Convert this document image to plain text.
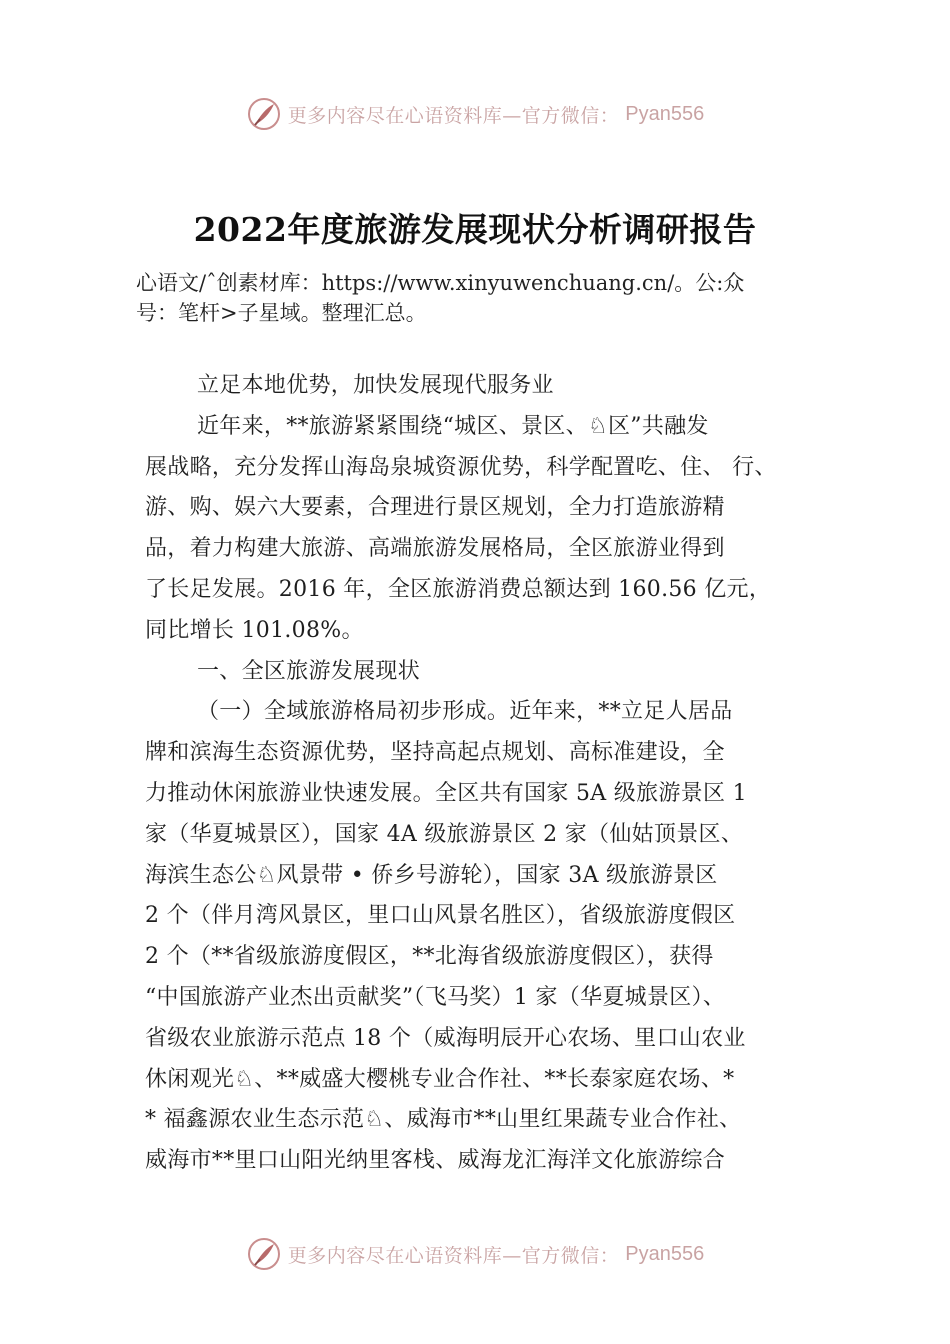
更多内容尽在心语资料库—官方微信： Pyan556
2022年度旅游发展现状分析调研报告
心语文/ˆ创素材库：https://www.xinyuwenchuang.cn/。公:众
号：笔杆>子星域。整理汇总。
立足本地优势，加快发展现代服务业
近年来，**旅游紧紧围绕“城区、景区、♘区”共融发
展战略，充分发挥山海岛泉城资源优势，科学配置吃、住、 行、
游、购、娱六大要素，合理进行景区规划，全力打造旅游精
品，着力构建大旅游、高端旅游发展格局，全区旅游业得到
了长足发展。2016 年，全区旅游消费总额达到 160.56 亿元，
同比增长 101.08%。
一、全区旅游发展现状
（一）全域旅游格局初步形成。近年来，**立足人居品
牌和滨海生态资源优势，坚持高起点规划、高标准建设，全
力推动休闲旅游业快速发展。全区共有国家 5A 级旅游景区 1
家（华夏城景区），国家 4A 级旅游景区 2 家（仙姑顶景区、
海滨生态公♘风景带 • 侨乡号游轮），国家 3A 级旅游景区
2 个（伴月湾风景区，里口山风景名胜区），省级旅游度假区
2 个（**省级旅游度假区，**北海省级旅游度假区），获得
“中国旅游产业杰出贡献奖”（飞马奖）1 家（华夏城景区）、
省级农业旅游示范点 18 个（威海明辰开心农场、里口山农业
休闲观光♘、**威盛大樱桃专业合作社、**长泰家庭农场、*
* 福鑫源农业生态示范♘、威海市**山里红果蔬专业合作社、
威海市**里口山阳光纳里客栈、威海龙汇海洋文化旅游综合
更多内容尽在心语资料库—官方微信： Pyan556
